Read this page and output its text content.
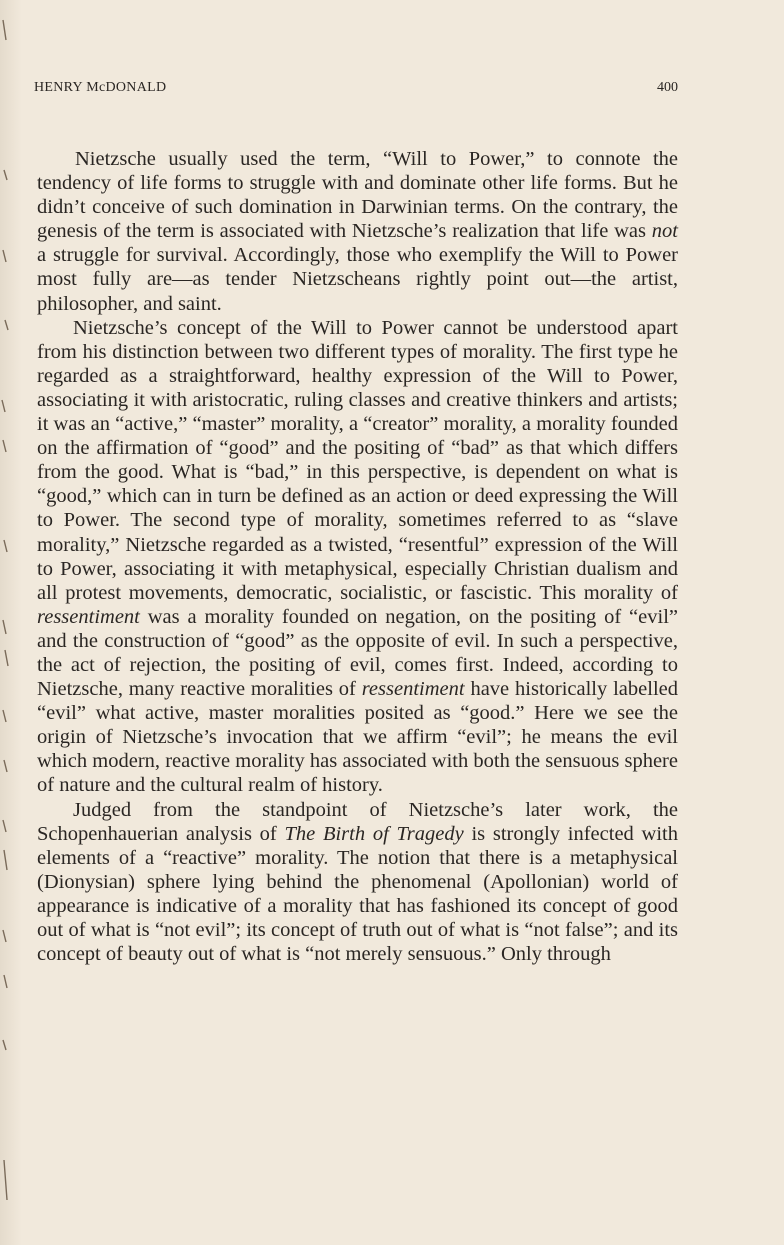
HENRY McDONALD	400

Nietzsche usually used the term, “Will to Power,” to connote the tendency of life forms to struggle with and dominate other life forms. But he didn’t conceive of such domination in Darwinian terms. On the contrary, the genesis of the term is associated with Nietzsche’s realization that life was not a struggle for survival. Accordingly, those who exemplify the Will to Power most fully are—as tender Nietzscheans rightly point out—the artist, philosopher, and saint.

Nietzsche’s concept of the Will to Power cannot be understood apart from his distinction between two different types of morality. The first type he regarded as a straightforward, healthy expression of the Will to Power, associating it with aristocratic, ruling classes and creative thinkers and artists; it was an “active,” “master” morality, a “creator” morality, a morality founded on the affirmation of “good” and the positing of “bad” as that which differs from the good. What is “bad,” in this perspective, is dependent on what is “good,” which can in turn be defined as an action or deed expressing the Will to Power. The second type of morality, sometimes referred to as “slave morality,” Nietzsche regarded as a twisted, “resentful” expression of the Will to Power, associating it with metaphysical, especially Christian dualism and all protest movements, democratic, socialistic, or fascistic. This morality of ressentiment was a morality founded on negation, on the positing of “evil” and the construction of “good” as the opposite of evil. In such a perspective, the act of rejection, the positing of evil, comes first. Indeed, according to Nietzsche, many reactive moralities of ressentiment have historically labelled “evil” what active, master moralities posited as “good.” Here we see the origin of Nietzsche’s invocation that we affirm “evil”; he means the evil which modern, reactive morality has associated with both the sensuous sphere of nature and the cultural realm of history.

Judged from the standpoint of Nietzsche’s later work, the Schopenhauerian analysis of The Birth of Tragedy is strongly infected with elements of a “reactive” morality. The notion that there is a metaphysical (Dionysian) sphere lying behind the phenomenal (Apollonian) world of appearance is indicative of a morality that has fashioned its concept of good out of what is “not evil”; its concept of truth out of what is “not false”; and its concept of beauty out of what is “not merely sensuous.” Only through
